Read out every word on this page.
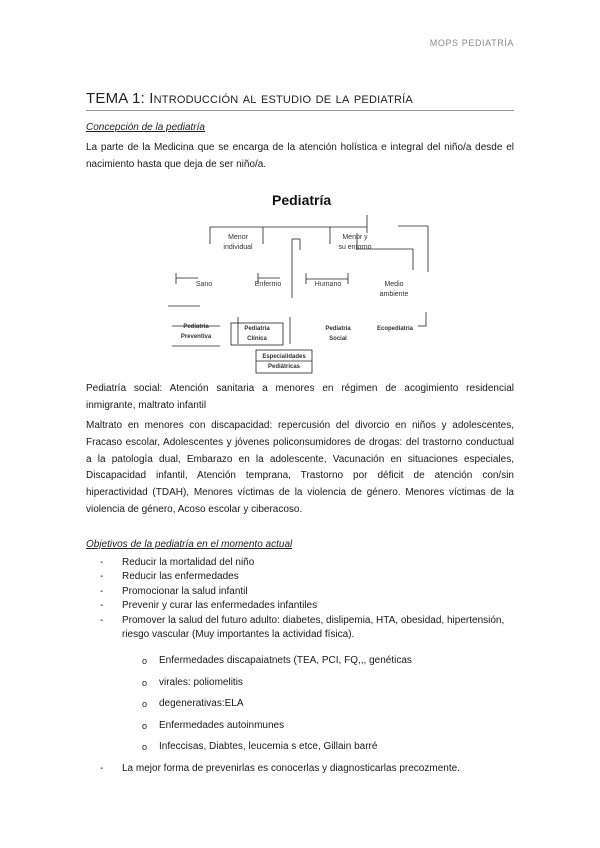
MOPS PEDIATRÍA
TEMA 1: Introducción al estudio de la pediatría
Concepción de la pediatría
La parte de la Medicina que se encarga de la atención holística e integral del niño/a desde el nacimiento hasta que deja de ser niño/a.
Pediatría
Menor
individual
Menor y
su entorno
Sano	Enfermo	Humano	Medio
ambiente
Pediatría
Preventiva
Pediatría
Clínica
Pediatría
Social
Ecopediatría
Especialidades
Pediátricas
Pediatría social: Atención sanitaria a menores en régimen de acogimiento residencial inmigrante, maltrato infantil
Maltrato en menores con discapacidad: repercusión del divorcio en niños y adolescentes, Fracaso escolar, Adolescentes y jóvenes policonsumidores de drogas: del trastorno conductual a la patología dual, Embarazo en la adolescente, Vacunación en situaciones especiales, Discapacidad infantil, Atención temprana, Trastorno por déficit de atención con/sin hiperactividad (TDAH), Menores víctimas de la violencia de género. Menores víctimas de la violencia de género, Acoso escolar y ciberacoso.
Objetivos de la pediatría en el momento actual
- Reducir la mortalidad del niño
- Reducir las enfermedades
- Promocionar la salud infantil
- Prevenir y curar las enfermedades infantiles
- Promover la salud del futuro adulto: diabetes, dislipemia, HTA, obesidad, hipertensión, riesgo vascular (Muy importantes la actividad física).
o Enfermedades discapaiatnets (TEA, PCI, FQ,,, genéticas
o virales: poliomelitis
o degenerativas:ELA
o Enfermedades autoinmunes
o Infeccisas, Diabtes, leucemia s etce, Gillain barré
- La mejor forma de prevenirlas es conocerlas y diagnosticarlas precozmente.
